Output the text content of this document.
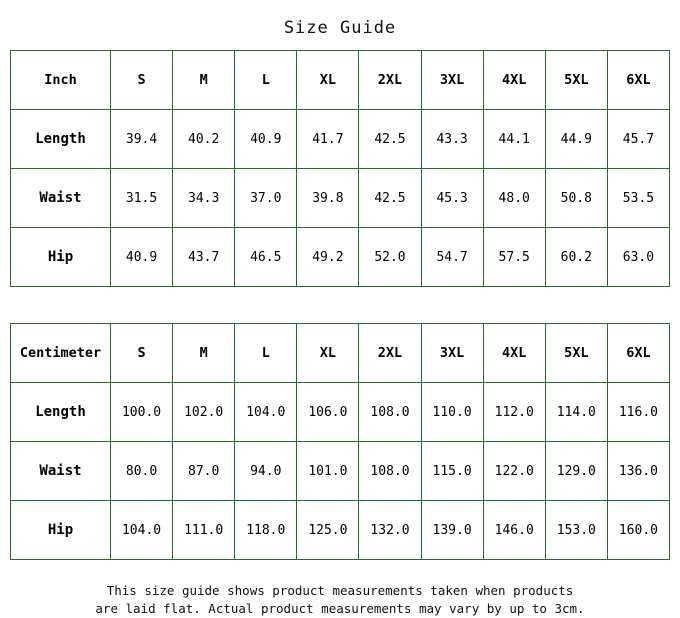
Size Guide
Inch	S	M	L	XL	2XL	3XL	4XL	5XL	6XL
Length	39.4	40.2	40.9	41.7	42.5	43.3	44.1	44.9	45.7
Waist	31.5	34.3	37.0	39.8	42.5	45.3	48.0	50.8	53.5
Hip	40.9	43.7	46.5	49.2	52.0	54.7	57.5	60.2	63.0
Centimeter	S	M	L	XL	2XL	3XL	4XL	5XL	6XL
Length	100.0	102.0	104.0	106.0	108.0	110.0	112.0	114.0	116.0
Waist	80.0	87.0	94.0	101.0	108.0	115.0	122.0	129.0	136.0
Hip	104.0	111.0	118.0	125.0	132.0	139.0	146.0	153.0	160.0
This size guide shows product measurements taken when products
are laid flat. Actual product measurements may vary by up to 3cm.
